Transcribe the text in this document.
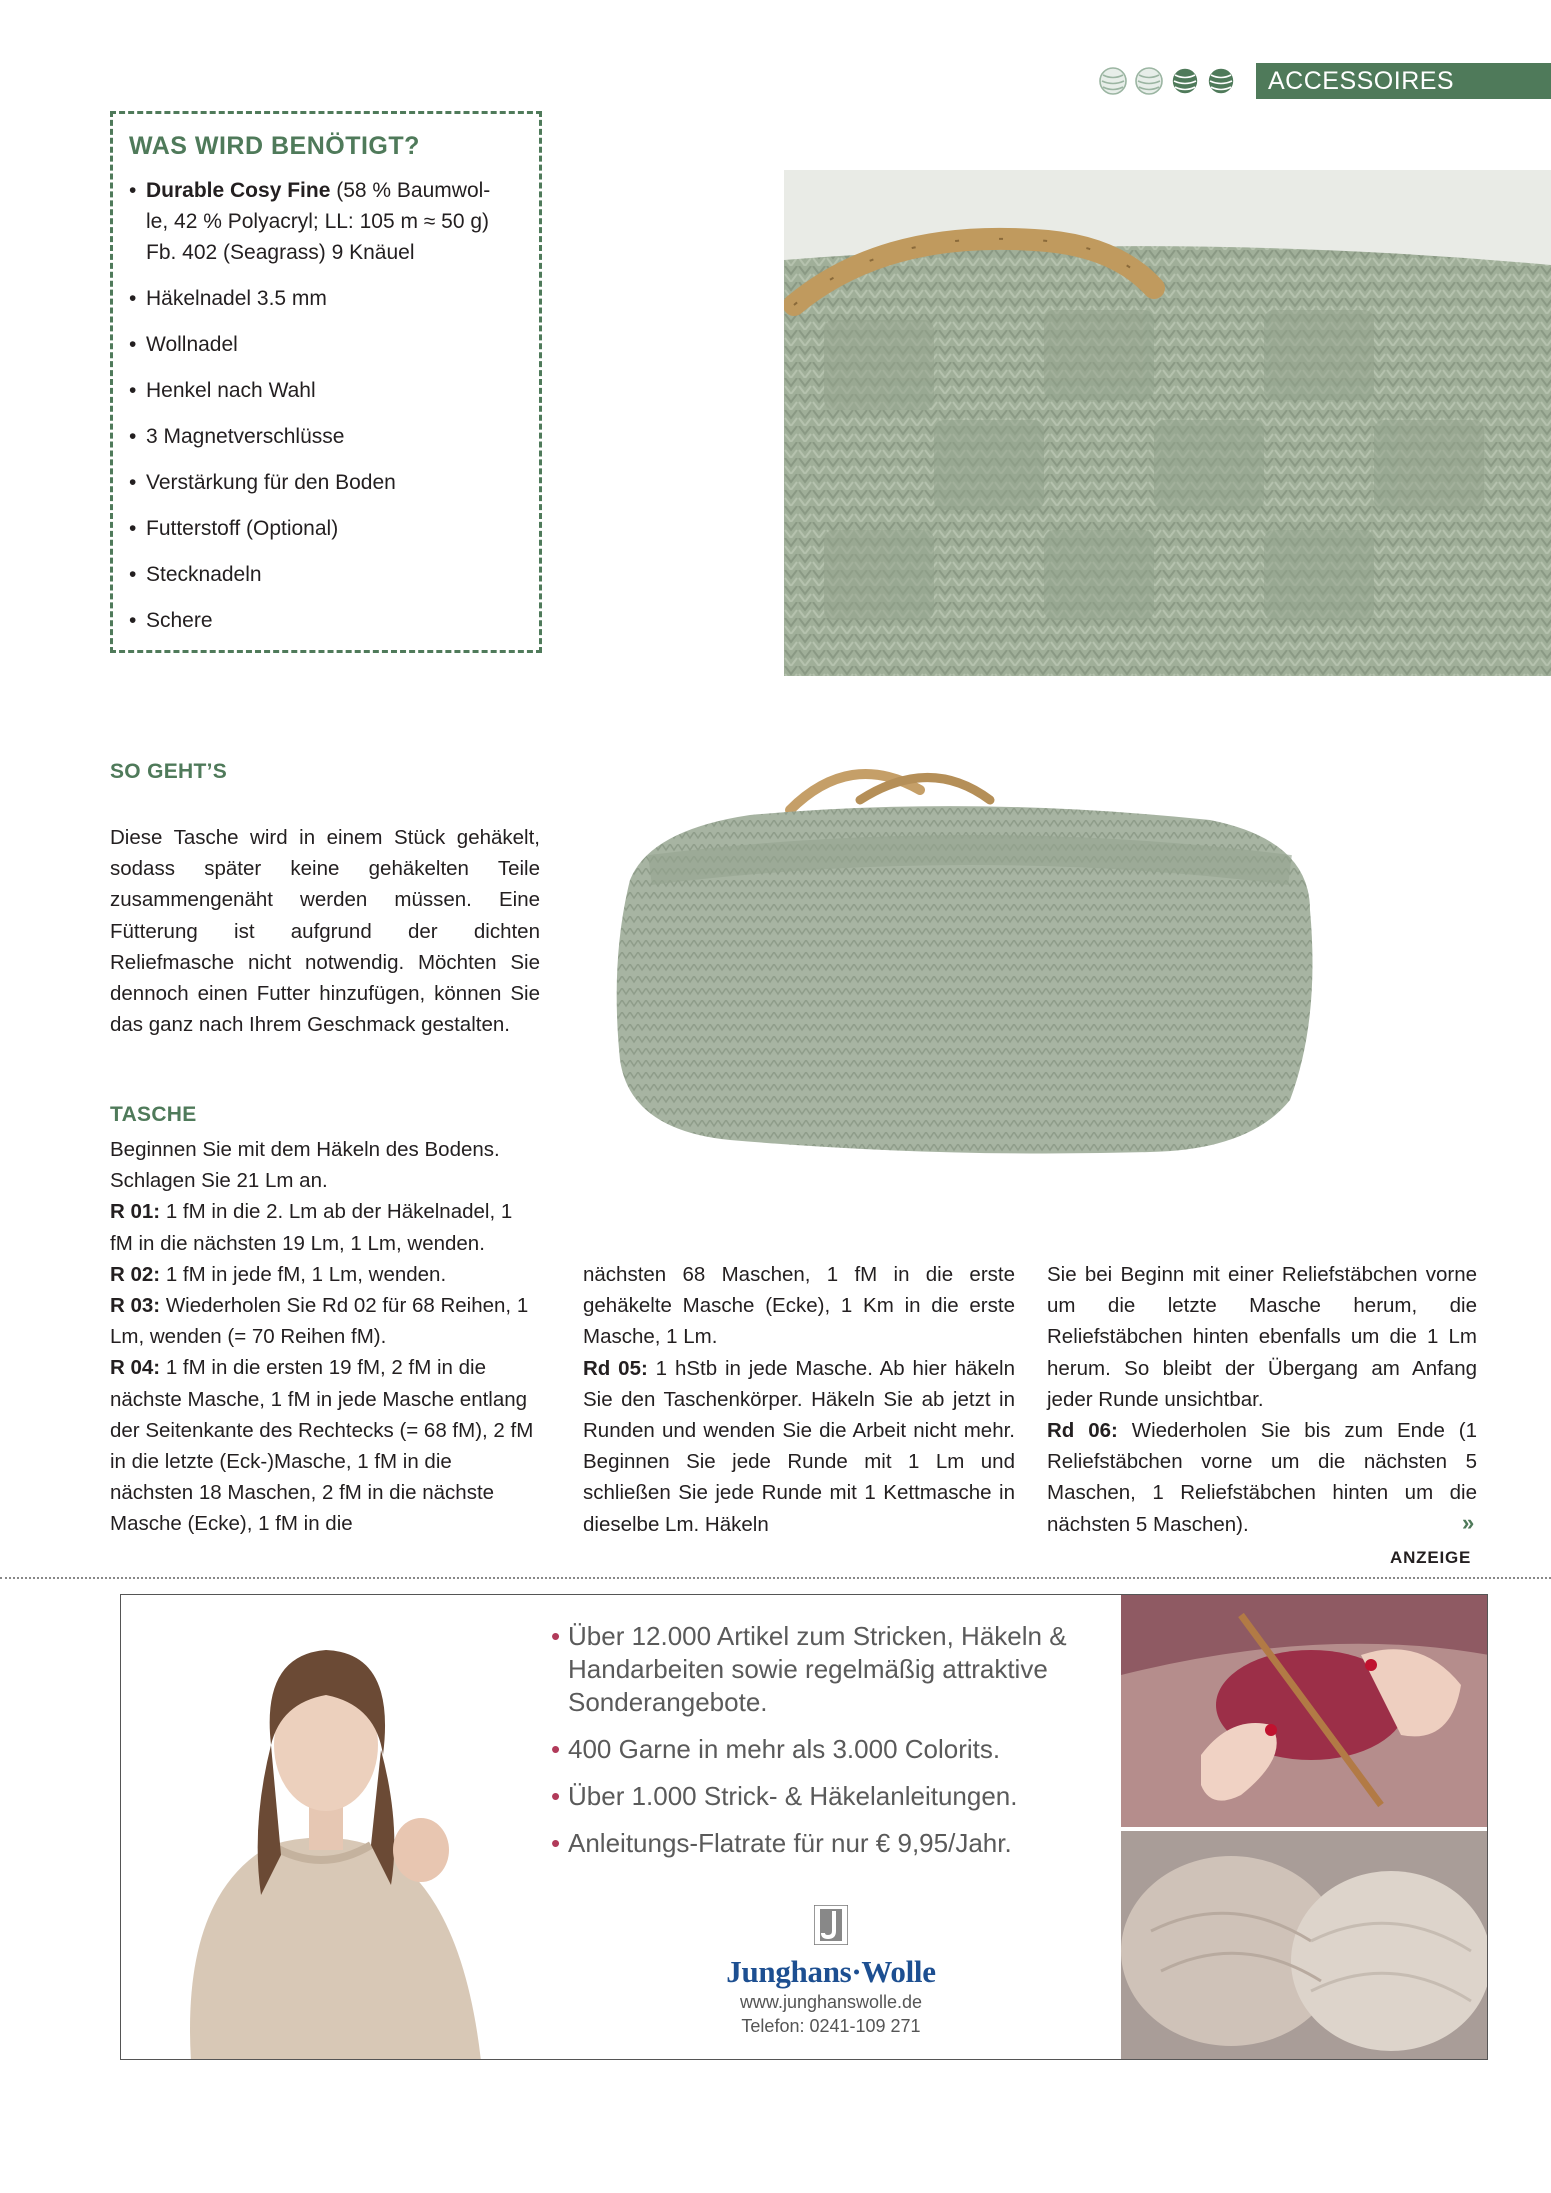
ACCESSOIRES
WAS WIRD BENÖTIGT?
• Durable Cosy Fine (58 % Baumwol-
le, 42 % Polyacryl; LL: 105 m ≈ 50 g)
Fb. 402 (Seagrass) 9 Knäuel
• Häkelnadel 3.5 mm
• Wollnadel
• Henkel nach Wahl
• 3 Magnetverschlüsse
• Verstärkung für den Boden
• Futterstoff (Optional)
• Stecknadeln
• Schere
SO GEHT’S

Diese Tasche wird in einem Stück gehäkelt, sodass später keine gehäkelten Teile zusammengenäht werden müssen. Eine Fütterung ist aufgrund der dichten Reliefmasche nicht notwendig. Möchten Sie dennoch einen Futter hinzufügen, können Sie das ganz nach Ihrem Geschmack gestalten.

TASCHE
Beginnen Sie mit dem Häkeln des Bodens. Schlagen Sie 21 Lm an.
R 01: 1 fM in die 2. Lm ab der Häkelnadel, 1 fM in die nächsten 19 Lm, 1 Lm, wenden.
R 02: 1 fM in jede fM, 1 Lm, wenden.
R 03: Wiederholen Sie Rd 02 für 68 Reihen, 1 Lm, wenden (= 70 Reihen fM).
R 04: 1 fM in die ersten 19 fM, 2 fM in die nächste Masche, 1 fM in jede Masche entlang der Seitenkante des Rechtecks (= 68 fM), 2 fM in die letzte (Eck-)Masche, 1 fM in die nächsten 18 Maschen, 2 fM in die nächste Masche (Ecke), 1 fM in die
nächsten 68 Maschen, 1 fM in die erste gehäkelte Masche (Ecke), 1 Km in die erste Masche, 1 Lm.
Rd 05: 1 hStb in jede Masche. Ab hier häkeln Sie den Taschenkörper. Häkeln Sie ab jetzt in Runden und wenden Sie die Arbeit nicht mehr. Beginnen Sie jede Runde mit 1 Lm und schließen Sie jede Runde mit 1 Kettmasche in dieselbe Lm. Häkeln
Sie bei Beginn mit einer Reliefstäbchen vorne um die letzte Masche herum, die Reliefstäbchen hinten ebenfalls um die 1 Lm herum. So bleibt der Übergang am Anfang jeder Runde unsichtbar.
Rd 06: Wiederholen Sie bis zum Ende (1 Reliefstäbchen vorne um die nächsten 5 Maschen, 1 Reliefstäbchen hinten um die nächsten 5 Maschen).	»
ANZEIGE
• Über 12.000 Artikel zum Stricken, Häkeln & Handarbeiten sowie regelmäßig attraktive Sonderangebote.
• 400 Garne in mehr als 3.000 Colorits.
• Über 1.000 Strick- & Häkelanleitungen.
• Anleitungs-Flatrate für nur € 9,95/Jahr.
Junghans·Wolle
www.junghanswolle.de
Telefon: 0241-109 271
